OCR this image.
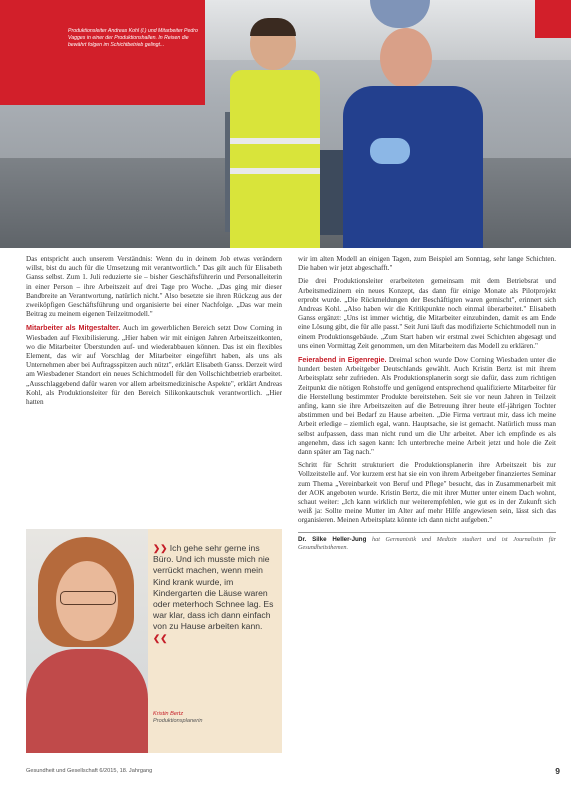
Produktionsleiter Andreas Kohl (l.) und Mitarbeiter Pedro Vagges in einer der Produktionshallen. In Reisen die bewährt folgen im Schichtbetrieb gelingt...

Das entspricht auch unserem Verständnis: Wenn du in deinem Job etwas verändern willst, bist du auch für die Umsetzung mit verantwortlich." Das gilt auch für Elisabeth Ganss selbst. Zum 1. Juli reduzierte sie – bisher Geschäftsführerin und Personalleiterin in einer Person – ihre Arbeitszeit auf drei Tage pro Woche. „Das ging mir dieser Bandbreite an Verantwortung, natürlich nicht." Also besetzte sie ihren Rückzug aus der zweiköpfigen Geschäftsführung und organisierte bei einer Nachfolge. „Das war mein Beitrag zu meinem eigenen Teilzeitmodell."

Mitarbeiter als Mitgestalter. Auch im gewerblichen Bereich setzt Dow Corning in Wiesbaden auf Flexibilisierung. „Hier haben wir mit einigen Jahren Arbeitszeitkonten, wo die Mitarbeiter Überstunden auf- und wiederabbauen können. Das ist ein flexibles Element, das wir auf Vorschlag der Mitarbeiter eingeführt haben, als uns als Unternehmen aber bei Auftragsspitzen auch nützt", erklärt Elisabeth Ganss. Derzeit wird am Wiesbadener Standort ein neues Schichtmodell für den Vollschichtbetrieb erarbeitet. „Ausschlaggebend dafür waren vor allem arbeitsmedizinische Aspekte", erklärt Andreas Kohl, als Produktionsleiter für den Bereich Silikonkautschuk verantwortlich. „Hier hatten

❯❯ Ich gehe sehr gerne ins Büro. Und ich musste mich nie verrückt machen, wenn mein Kind krank wurde, im Kindergarten die Läuse waren oder meterhoch Schnee lag. Es war klar, dass ich dann einfach von zu Hause arbeiten kann. ❮❮
Kristin Bertz
Produktionsplanerin

wir im alten Modell an einigen Tagen, zum Beispiel am Sonntag, sehr lange Schichten. Die haben wir jetzt abgeschafft."

Die drei Produktionsleiter erarbeiteten gemeinsam mit dem Betriebsrat und Arbeitsmedizinern ein neues Konzept, das dann für einige Monate als Pilotprojekt erprobt wurde. „Die Rückmeldungen der Beschäftigten waren gemischt", erinnert sich Andreas Kohl. „Also haben wir die Kritikpunkte noch einmal überarbeitet." Elisabeth Ganss ergänzt: „Uns ist immer wichtig, die Mitarbeiter einzubinden, damit es am Ende eine Lösung gibt, die für alle passt." Seit Juni läuft das modifizierte Schichtmodell nun in einem Produktionsgebäude. „Zum Start haben wir erstmal zwei Schichten abgesagt und uns einen Vormittag Zeit genommen, um den Mitarbeitern das Modell zu erklären."

Feierabend in Eigenregie. Dreimal schon wurde Dow Corning Wiesbaden unter die hundert besten Arbeitgeber Deutschlands gewählt. Auch Kristin Bertz ist mit ihrem Arbeitsplatz sehr zufrieden. Als Produktionsplanerin sorgt sie dafür, dass zum richtigen Zeitpunkt die nötigen Rohstoffe und genügend entsprechend qualifizierte Mitarbeiter für die Herstellung bestimmter Produkte bereitstehen. Seit sie vor neun Jahren in Teilzeit anfing, kann sie ihre Arbeitszeiten auf die Betreuung ihrer heute elf-jährigen Tochter abstimmen und bei Bedarf zu Hause arbeiten. „Die Firma vertraut mir, dass ich meine Arbeit erledige – ziemlich egal, wann. Hauptsache, sie ist gemacht. Natürlich muss man selbst aufpassen, dass man nicht rund um die Uhr arbeitet. Aber ich empfinde es als angenehm, dass ich sagen kann: Ich unterbreche meine Arbeit jetzt und hole die Zeit dann später am Tag nach."

Schritt für Schritt strukturiert die Produktionsplanerin ihre Arbeitszeit bis zur Vollzeitstelle auf. Vor kurzem erst hat sie ein von ihrem Arbeitgeber finanziertes Seminar zum Thema „Vereinbarkeit von Beruf und Pflege" besucht, das in Zusammenarbeit mit der AOK angeboten wurde. Kristin Bertz, die mit ihrer Mutter unter einem Dach wohnt, schaut weiter: „Ich kann wirklich nur weiterempfehlen, wie gut es in der Zukunft sich weiß ja: Sollte meine Mutter im Alter auf mehr Hilfe angewiesen sein, lässt sich das organisieren. Meinen Arbeitsplatz könnte ich dann nicht aufgeben."

Dr. Silke Heller-Jung hat Germanistik und Medizin studiert und ist Journalistin für Gesundheitsthemen.
Gesundheit und Gesellschaft 6/2015, 18. Jahrgang	9
